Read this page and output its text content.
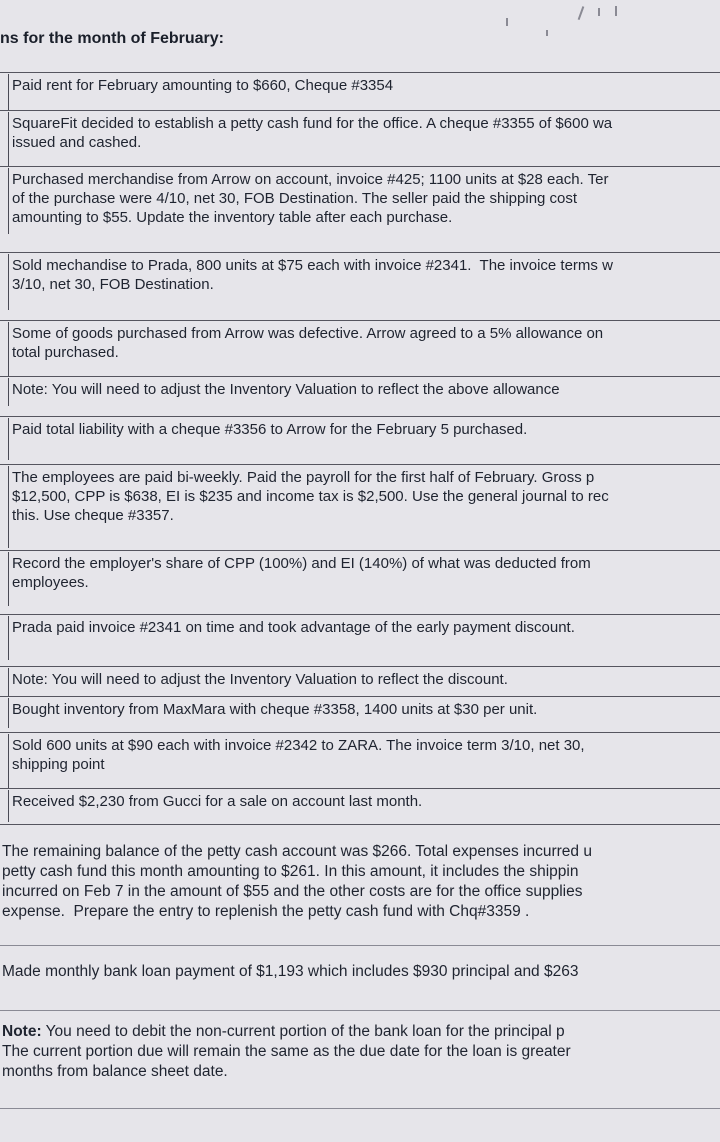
ns for the month of February:
Paid rent for February amounting to $660, Cheque #3354
SquareFit decided to establish a petty cash fund for the office. A cheque #3355 of $600 wa
issued and cashed.
Purchased merchandise from Arrow on account, invoice #425; 1100 units at $28 each. Ter
of the purchase were 4/10, net 30, FOB Destination. The seller paid the shipping cost
amounting to $55. Update the inventory table after each purchase.
Sold mechandise to Prada, 800 units at $75 each with invoice #2341.  The invoice terms w
3/10, net 30, FOB Destination.
Some of goods purchased from Arrow was defective. Arrow agreed to a 5% allowance on
total purchased.
Note: You will need to adjust the Inventory Valuation to reflect the above allowance
Paid total liability with a cheque #3356 to Arrow for the February 5 purchased.
The employees are paid bi-weekly. Paid the payroll for the first half of February. Gross p
$12,500, CPP is $638, EI is $235 and income tax is $2,500. Use the general journal to rec
this. Use cheque #3357.
Record the employer's share of CPP (100%) and EI (140%) of what was deducted from
employees.
Prada paid invoice #2341 on time and took advantage of the early payment discount.
Note: You will need to adjust the Inventory Valuation to reflect the discount.
Bought inventory from MaxMara with cheque #3358, 1400 units at $30 per unit.
Sold 600 units at $90 each with invoice #2342 to ZARA. The invoice term 3/10, net 30,
shipping point
Received $2,230 from Gucci for a sale on account last month.
The remaining balance of the petty cash account was $266. Total expenses incurred u
petty cash fund this month amounting to $261. In this amount, it includes the shippin
incurred on Feb 7 in the amount of $55 and the other costs are for the office supplies
expense.  Prepare the entry to replenish the petty cash fund with Chq#3359 .
Made monthly bank loan payment of $1,193 which includes $930 principal and $263
Note: You need to debit the non-current portion of the bank loan for the principal p
The current portion due will remain the same as the due date for the loan is greater
months from balance sheet date.
